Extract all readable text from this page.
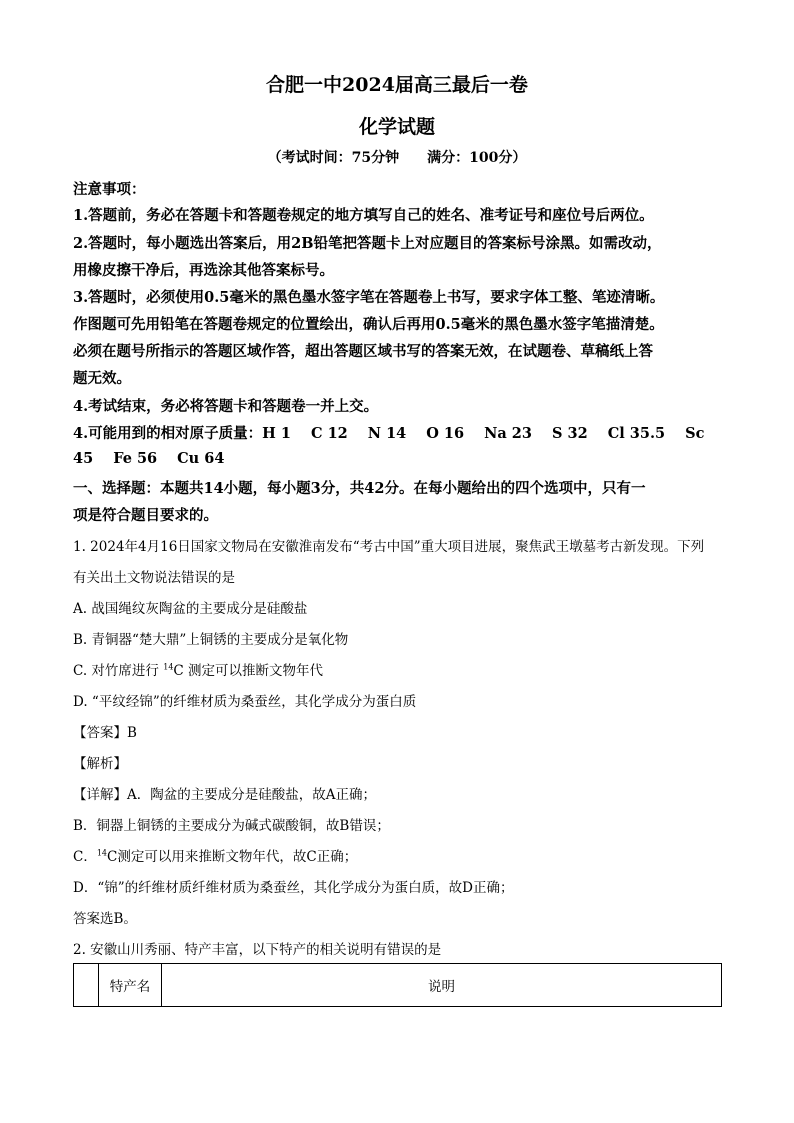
合肥一中2024届高三最后一卷
化学试题
（考试时间：75分钟　　满分：100分）
注意事项：
1.答题前，务必在答题卡和答题卷规定的地方填写自己的姓名、准考证号和座位号后两位。
2.答题时，每小题选出答案后，用2B铅笔把答题卡上对应题目的答案标号涂黑。如需改动，
用橡皮擦干净后，再选涂其他答案标号。
3.答题时，必须使用0.5毫米的黑色墨水签字笔在答题卷上书写，要求字体工整、笔迹清晰。
作图题可先用铅笔在答题卷规定的位置绘出，确认后再用0.5毫米的黑色墨水签字笔描清楚。
必须在题号所指示的答题区域作答，超出答题区域书写的答案无效，在试题卷、草稿纸上答
题无效。
4.考试结束，务必将答题卡和答题卷一并上交。
4.可能用到的相对原子质量：H 1 C 12 N 14 O 16 Na 23 S 32 Cl 35.5 Sc
45 Fe 56 Cu 64
一、选择题：本题共14小题，每小题3分，共42分。在每小题给出的四个选项中，只有一
项是符合题目要求的。
1. 2024年4月16日国家文物局在安徽淮南发布“考古中国”重大项目进展，聚焦武王墩墓考古新发现。下列
有关出土文物说法错误的是
A. 战国绳纹灰陶盆的主要成分是硅酸盐
B. 青铜器“楚大鼎”上铜锈的主要成分是氧化物
C. 对竹席进行 $^{14}$C 测定可以推断文物年代
D. “平纹经锦”的纤维材质为桑蚕丝，其化学成分为蛋白质
【答案】B
【解析】
【详解】A．陶盆的主要成分是硅酸盐，故A正确；
B．铜器上铜锈的主要成分为碱式碳酸铜，故B错误；
C．$^{14}$C测定可以用来推断文物年代，故C正确；
D．“锦”的纤维材质纤维材质为桑蚕丝，其化学成分为蛋白质，故D正确；
答案选B。
2. 安徽山川秀丽、特产丰富，以下特产的相关说明有错误的是
	特产名	说明
